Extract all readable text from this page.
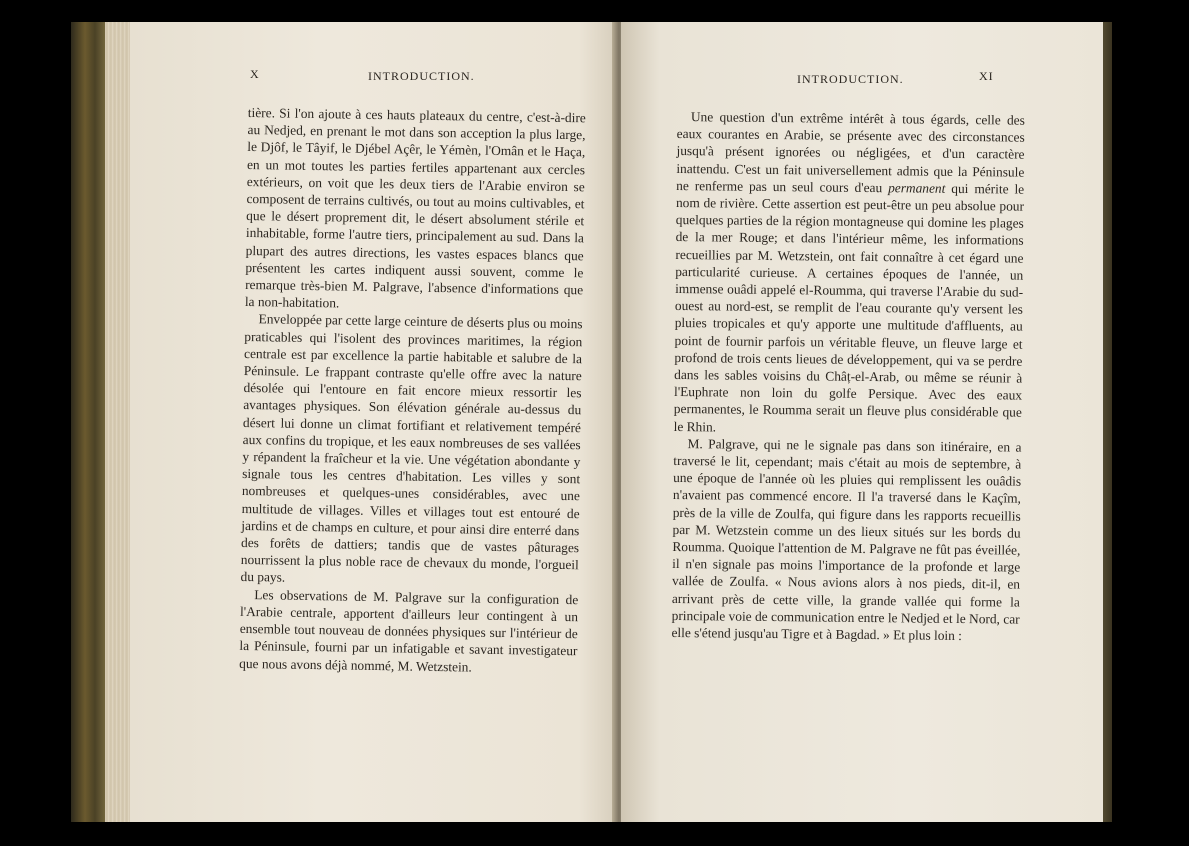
X	INTRODUCTION.

tière. Si l'on ajoute à ces hauts plateaux du centre, c'est-à-dire au Nedjed, en prenant le mot dans son acception la plus large, le Djôf, le Tâyif, le Djébel Açêr, le Yémèn, l'Omân et le Haça, en un mot toutes les parties fertiles appartenant aux cercles extérieurs, on voit que les deux tiers de l'Arabie environ se composent de terrains cultivés, ou tout au moins cultivables, et que le désert proprement dit, le désert absolument stérile et inhabitable, forme l'autre tiers, principalement au sud. Dans la plupart des autres directions, les vastes espaces blancs que présentent les cartes indiquent aussi souvent, comme le remarque très-bien M. Palgrave, l'absence d'informations que la non-habitation.

Enveloppée par cette large ceinture de déserts plus ou moins praticables qui l'isolent des provinces maritimes, la région centrale est par excellence la partie habitable et salubre de la Péninsule. Le frappant contraste qu'elle offre avec la nature désolée qui l'entoure en fait encore mieux ressortir les avantages physiques. Son élévation générale au-dessus du désert lui donne un climat fortifiant et relativement tempéré aux confins du tropique, et les eaux nombreuses de ses vallées y répandent la fraîcheur et la vie. Une végétation abondante y signale tous les centres d'habitation. Les villes y sont nombreuses et quelques-unes considérables, avec une multitude de villages. Villes et villages tout est entouré de jardins et de champs en culture, et pour ainsi dire enterré dans des forêts de dattiers; tandis que de vastes pâturages nourrissent la plus noble race de chevaux du monde, l'orgueil du pays.

Les observations de M. Palgrave sur la configuration de l'Arabie centrale, apportent d'ailleurs leur contingent à un ensemble tout nouveau de données physiques sur l'intérieur de la Péninsule, fourni par un infatigable et savant investigateur que nous avons déjà nommé, M. Wetzstein.

INTRODUCTION.	XI

Une question d'un extrême intérêt à tous égards, celle des eaux courantes en Arabie, se présente avec des circonstances jusqu'à présent ignorées ou négligées, et d'un caractère inattendu. C'est un fait universellement admis que la Péninsule ne renferme pas un seul cours d'eau permanent qui mérite le nom de rivière. Cette assertion est peut-être un peu absolue pour quelques parties de la région montagneuse qui domine les plages de la mer Rouge; et dans l'intérieur même, les informations recueillies par M. Wetzstein, ont fait connaître à cet égard une particularité curieuse. A certaines époques de l'année, un immense ouâdi appelé el-Roumma, qui traverse l'Arabie du sud-ouest au nord-est, se remplit de l'eau courante qu'y versent les pluies tropicales et qu'y apporte une multitude d'affluents, au point de fournir parfois un véritable fleuve, un fleuve large et profond de trois cents lieues de développement, qui va se perdre dans les sables voisins du Châț-el-Arab, ou même se réunir à l'Euphrate non loin du golfe Persique. Avec des eaux permanentes, le Roumma serait un fleuve plus considérable que le Rhin.

M. Palgrave, qui ne le signale pas dans son itinéraire, en a traversé le lit, cependant; mais c'était au mois de septembre, à une époque de l'année où les pluies qui remplissent les ouâdis n'avaient pas commencé encore. Il l'a traversé dans le Kaçîm, près de la ville de Zoulfa, qui figure dans les rapports recueillis par M. Wetzstein comme un des lieux situés sur les bords du Roumma. Quoique l'attention de M. Palgrave ne fût pas éveillée, il n'en signale pas moins l'importance de la profonde et large vallée de Zoulfa. « Nous avions alors à nos pieds, dit-il, en arrivant près de cette ville, la grande vallée qui forme la principale voie de communication entre le Nedjed et le Nord, car elle s'étend jusqu'au Tigre et à Bagdad. » Et plus loin :
